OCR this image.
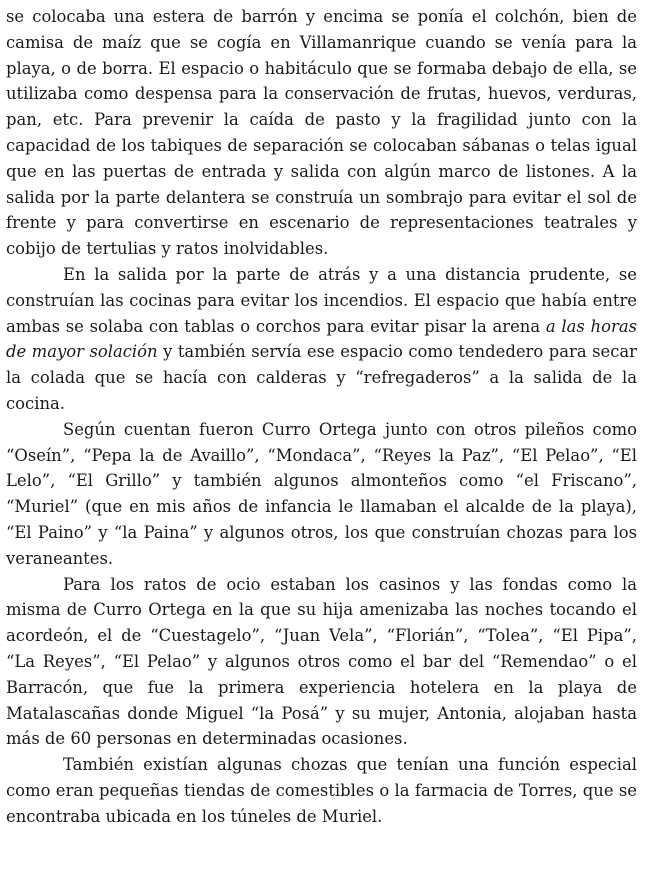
se colocaba una estera de barrón y encima se ponía el colchón, bien de camisa de maíz que se cogía en Villamanrique cuando se venía para la playa, o de borra. El espacio o habitáculo que se formaba debajo de ella, se utilizaba como despensa para la conservación de frutas, huevos, verduras, pan, etc. Para prevenir la caída de pasto y la fragilidad junto con la capacidad de los tabiques de separación se colocaban sábanas o telas igual que en las puertas de entrada y salida con algún marco de listones. A la salida por la parte delantera se construía un sombrajo para evitar el sol de frente y para convertirse en escenario de representaciones teatrales y cobijo de tertulias y ratos inolvidables.

En la salida por la parte de atrás y a una distancia prudente, se construían las cocinas para evitar los incendios. El espacio que había entre ambas se solaba con tablas o corchos para evitar pisar la arena a las horas de mayor solación y también servía ese espacio como tendedero para secar la colada que se hacía con calderas y “refregaderos” a la salida de la cocina.

Según cuentan fueron Curro Ortega junto con otros pileños como “Oseín”, “Pepa la de Availlo”, “Mondaca”, “Reyes la Paz”, “El Pelao”, “El Lelo”, “El Grillo” y también algunos almonteños como “el Friscano”, “Muriel” (que en mis años de infancia le llamaban el alcalde de la playa), “El Paino” y “la Paina” y algunos otros, los que construían chozas para los veraneantes.

Para los ratos de ocio estaban los casinos y las fondas como la misma de Curro Ortega en la que su hija amenizaba las noches tocando el acordeón, el de “Cuestagelo”, “Juan Vela”, “Florián”, “Tolea”, “El Pipa”, “La Reyes”, “El Pelao” y algunos otros como el bar del “Remendao” o el Barracón, que fue la primera experiencia hotelera en la playa de Matalascañas donde Miguel “la Posá” y su mujer, Antonia, alojaban hasta más de 60 personas en determinadas ocasiones.

También existían algunas chozas que tenían una función especial como eran pequeñas tiendas de comestibles o la farmacia de Torres, que se encontraba ubicada en los túneles de Muriel.
